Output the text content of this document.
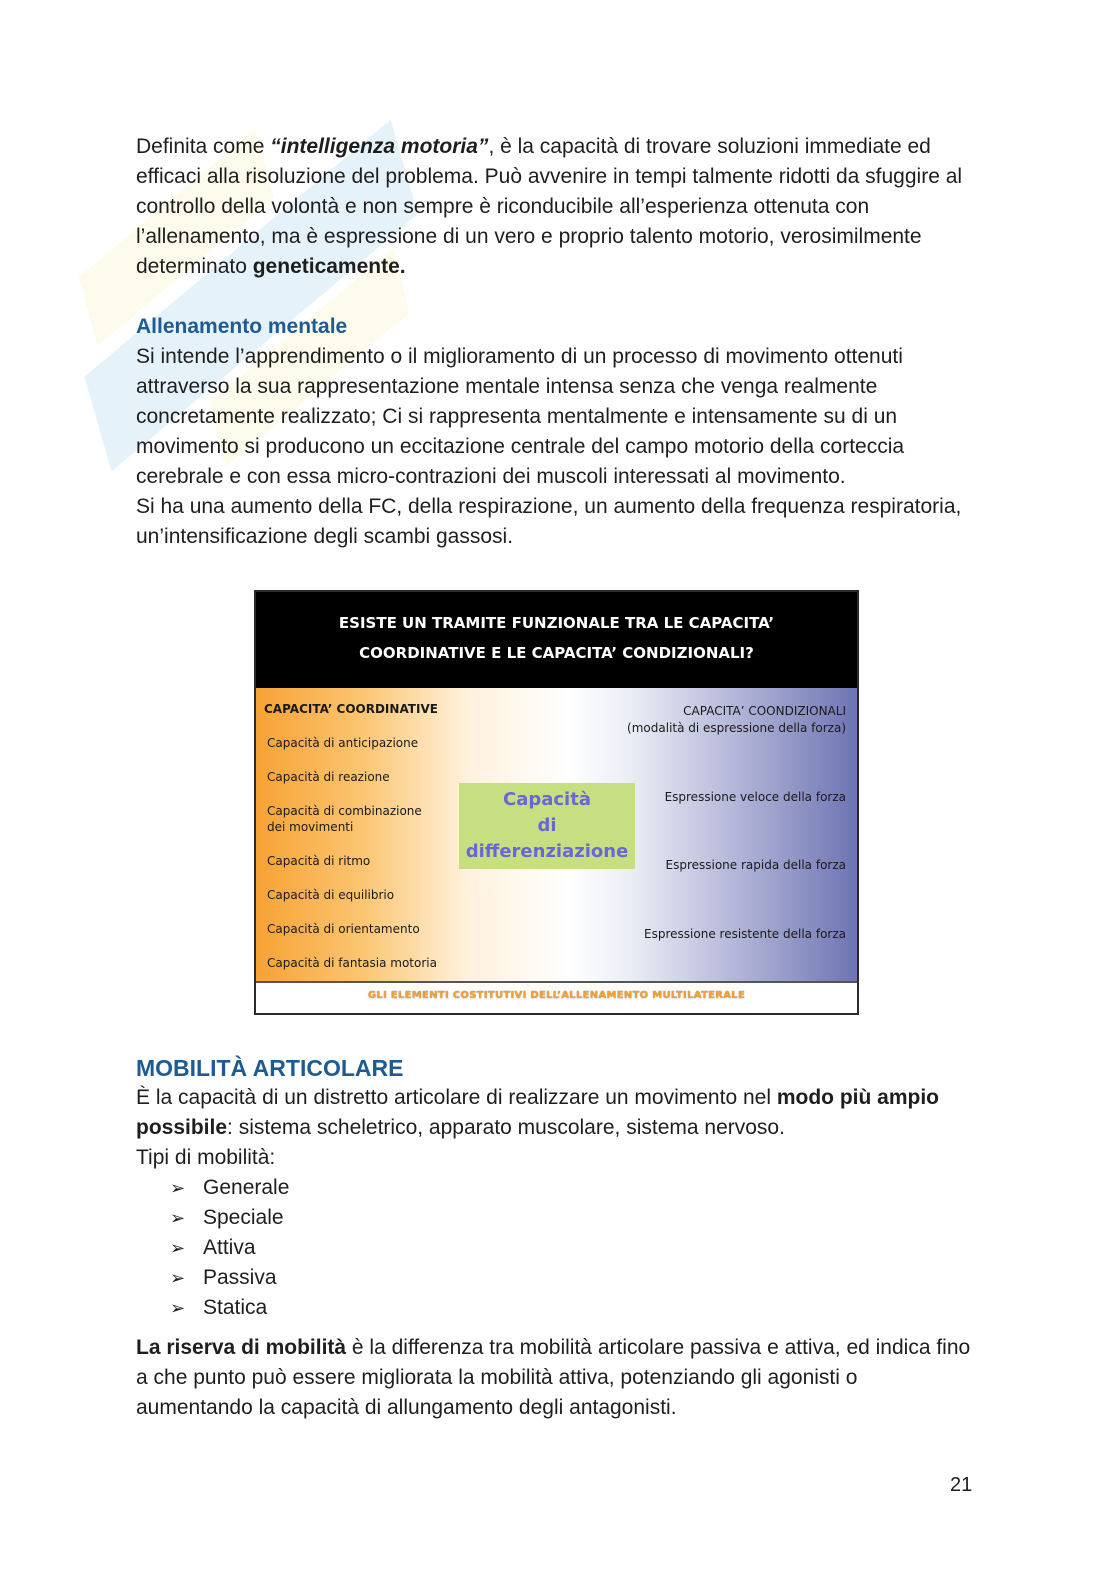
Definita come “intelligenza motoria”, è la capacità di trovare soluzioni immediate ed efficaci alla risoluzione del problema. Può avvenire in tempi talmente ridotti da sfuggire al controllo della volontà e non sempre è riconducibile all’esperienza ottenuta con l’allenamento, ma è espressione di un vero e proprio talento motorio, verosimilmente determinato geneticamente.

Allenamento mentale

Si intende l’apprendimento o il miglioramento di un processo di movimento ottenuti attraverso la sua rappresentazione mentale intensa senza che venga realmente concretamente realizzato; Ci si rappresenta mentalmente e intensamente su di un movimento si producono un eccitazione centrale del campo motorio della corteccia cerebrale e con essa micro-contrazioni dei muscoli interessati al movimento.

Si ha una aumento della FC, della respirazione, un aumento della frequenza respiratoria, un’intensificazione degli scambi gassosi.

ESISTE UN TRAMITE FUNZIONALE TRA LE CAPACITA’
COORDINATIVE E LE CAPACITA’ CONDIZIONALI?
CAPACITA’ COORDINATIVE
Capacità di anticipazione
Capacità di reazione
Capacità di combinazione
dei movimenti
Capacità di ritmo
Capacità di equilibrio
Capacità di orientamento
Capacità di fantasia motoria
Capacità
di
differenziazione
CAPACITA’ COONDIZIONALI
(modalità di espressione della forza)
Espressione veloce della forza
Espressione rapida della forza
Espressione resistente della forza
GLI ELEMENTI COSTITUTIVI DELL’ALLENAMENTO MULTILATERALE
MOBILITÀ ARTICOLARE

È la capacità di un distretto articolare di realizzare un movimento nel modo più ampio possibile: sistema scheletrico, apparato muscolare, sistema nervoso.

Tipi di mobilità:

➢ Generale
➢ Speciale
➢ Attiva
➢ Passiva
➢ Statica

La riserva di mobilità è la differenza tra mobilità articolare passiva e attiva, ed indica fino a che punto può essere migliorata la mobilità attiva, potenziando gli agonisti o aumentando la capacità di allungamento degli antagonisti.

21
